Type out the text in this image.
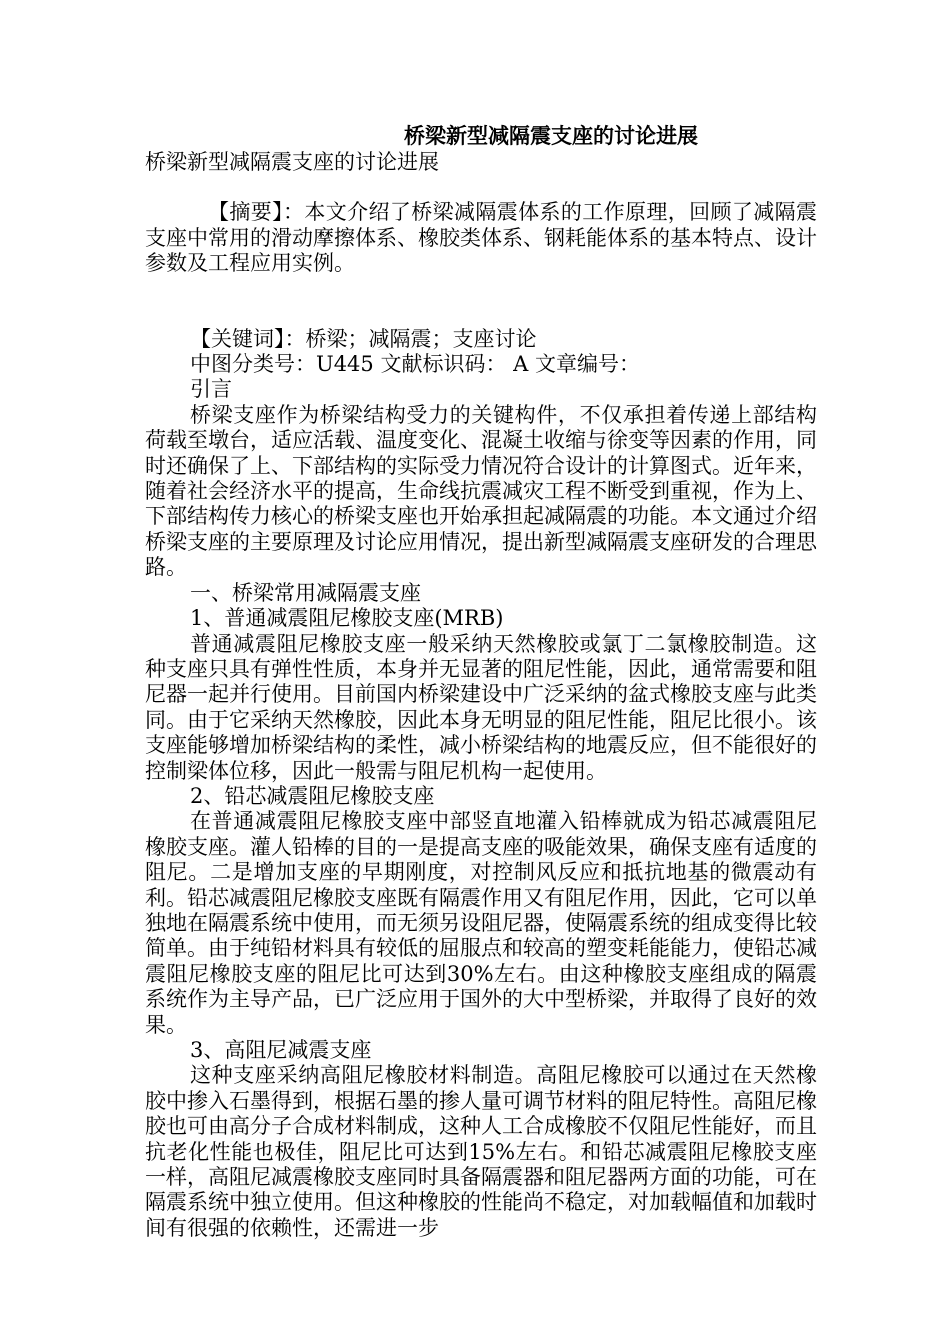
桥梁新型减隔震支座的讨论进展

桥梁新型减隔震支座的讨论进展

【摘要】：本文介绍了桥梁减隔震体系的工作原理，回顾了减隔震支座中常用的滑动摩擦体系、橡胶类体系、钢耗能体系的基本特点、设计参数及工程应用实例。

【关键词】：桥梁；减隔震；支座讨论

中图分类号：U445 文献标识码： A 文章编号：

引言

桥梁支座作为桥梁结构受力的关键构件，不仅承担着传递上部结构荷载至墩台，适应活载、温度变化、混凝土收缩与徐变等因素的作用，同时还确保了上、下部结构的实际受力情况符合设计的计算图式。近年来，随着社会经济水平的提高，生命线抗震减灾工程不断受到重视，作为上、下部结构传力核心的桥梁支座也开始承担起减隔震的功能。本文通过介绍桥梁支座的主要原理及讨论应用情况，提出新型减隔震支座研发的合理思路。

一、桥梁常用减隔震支座

1、普通减震阻尼橡胶支座(MRB)

普通减震阻尼橡胶支座一般采纳天然橡胶或氯丁二氯橡胶制造。这种支座只具有弹性性质，本身并无显著的阻尼性能，因此，通常需要和阻尼器一起并行使用。目前国内桥梁建设中广泛采纳的盆式橡胶支座与此类同。由于它采纳天然橡胶，因此本身无明显的阻尼性能，阻尼比很小。该支座能够增加桥梁结构的柔性，减小桥梁结构的地震反应，但不能很好的控制梁体位移，因此一般需与阻尼机构一起使用。

2、铅芯减震阻尼橡胶支座

在普通减震阻尼橡胶支座中部竖直地灌入铅棒就成为铅芯减震阻尼橡胶支座。灌人铅棒的目的一是提高支座的吸能效果，确保支座有适度的阻尼。二是增加支座的早期刚度，对控制风反应和抵抗地基的微震动有利。铅芯减震阻尼橡胶支座既有隔震作用又有阻尼作用，因此，它可以单独地在隔震系统中使用，而无须另设阻尼器，使隔震系统的组成变得比较简单。由于纯铅材料具有较低的屈服点和较高的塑变耗能能力，使铅芯减震阻尼橡胶支座的阻尼比可达到30%左右。由这种橡胶支座组成的隔震系统作为主导产品，已广泛应用于国外的大中型桥梁，并取得了良好的效果。

3、高阻尼减震支座

这种支座采纳高阻尼橡胶材料制造。高阻尼橡胶可以通过在天然橡胶中掺入石墨得到，根据石墨的掺人量可调节材料的阻尼特性。高阻尼橡胶也可由高分子合成材料制成，这种人工合成橡胶不仅阻尼性能好，而且抗老化性能也极佳，阻尼比可达到15%左右。和铅芯减震阻尼橡胶支座一样，高阻尼减震橡胶支座同时具备隔震器和阻尼器两方面的功能，可在隔震系统中独立使用。但这种橡胶的性能尚不稳定，对加载幅值和加载时间有很强的依赖性，还需进一步
